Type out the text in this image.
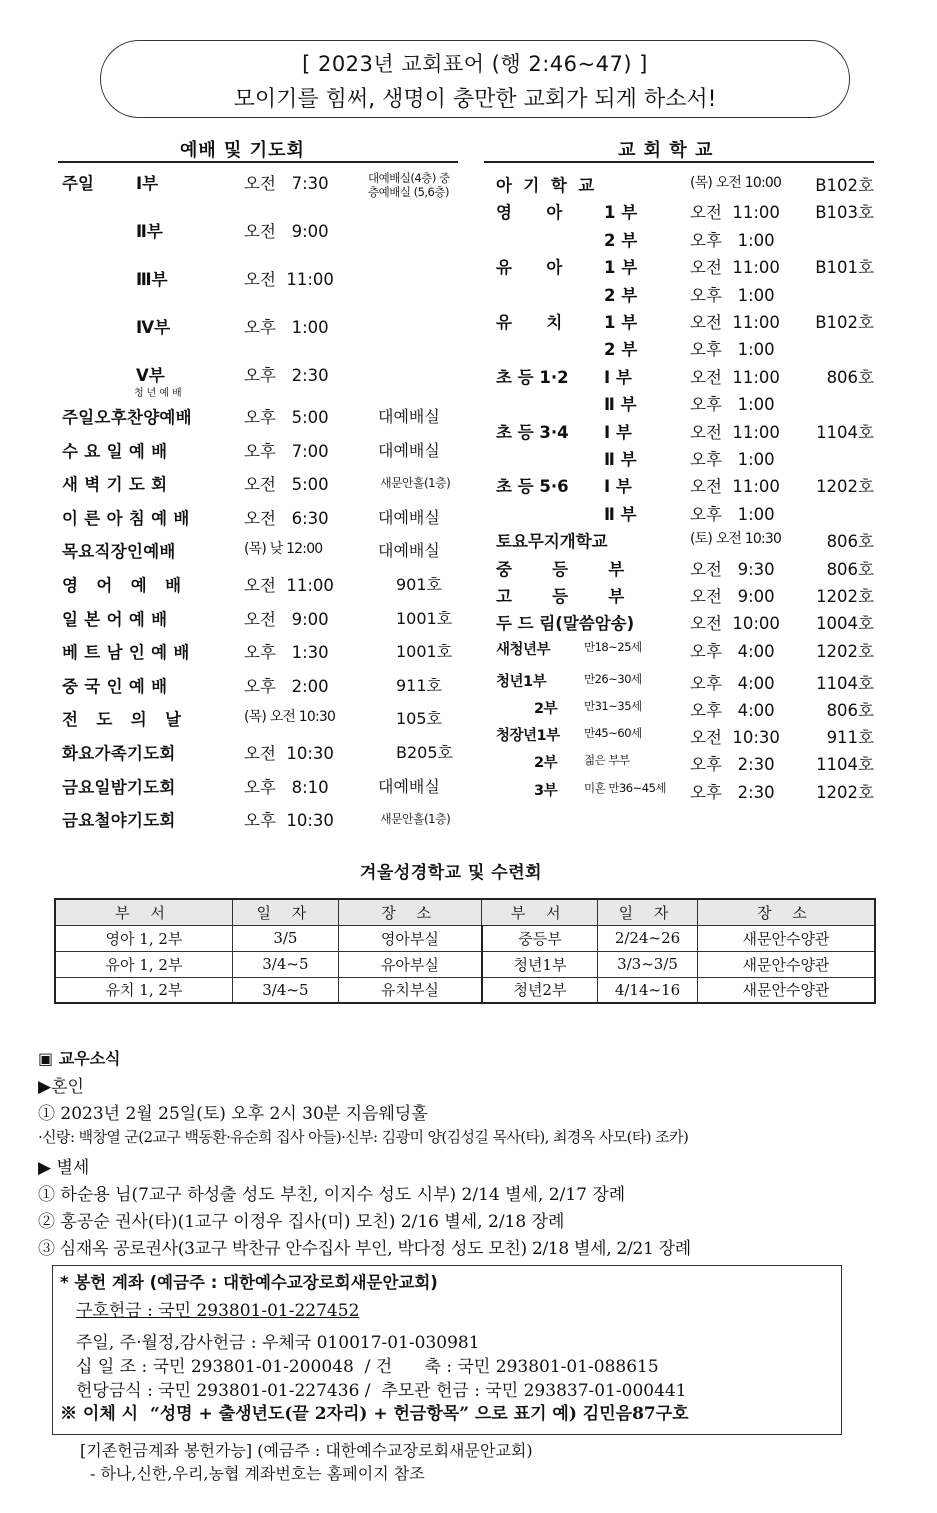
[ 2023년 교회표어 (행 2:46~47) ]
모이기를 힘써, 생명이 충만한 교회가 되게 하소서!
예배 및 기도회
주일	Ⅰ부	오전   7:30	대예배실(4층) 중층예배실 (5,6층)
Ⅱ부	오전   9:00
Ⅲ부	오전  11:00
Ⅳ부	오후   1:00
Ⅴ부	오후   2:30
청년예배
주일오후찬양예배	오후   5:00	대예배실
수 요 일 예 배	오후   7:00	대예배실
새 벽 기 도 회	오전   5:00	새문안홀(1층)
이 른 아 침 예 배	오전   6:30	대예배실
목요직장인예배	(목) 낮 12:00	대예배실
영   어   예   배	오전  11:00	901호
일 본 어 예 배	오전   9:00	1001호
베 트 남 인 예 배	오후   1:30	1001호
중 국 인 예 배	오후   2:00	911호
전   도   의   날	(목) 오전 10:30	105호
화요가족기도회	오전  10:30	B205호
금요일밤기도회	오후   8:10	대예배실
금요철야기도회	오후  10:30	새문안홀(1층)
교 회 학 교
아  기  학  교	(목) 오전 10:00 B102호
영      아	1 부	오전  11:00 B103호
2 부	오후   1:00
유      아	1 부	오전  11:00 B101호
2 부	오후   1:00
유      치	1 부	오전  11:00 B102호
2 부	오후   1:00
초 등 1·2 Ⅰ 부	오전  11:00	806호
Ⅱ 부	오후   1:00
초 등 3·4 Ⅰ 부	오전  11:00 1104호
Ⅱ 부	오후   1:00
초 등 5·6 Ⅰ 부	오전  11:00 1202호
Ⅱ 부	오후   1:00
토요무지개학교	(토) 오전 10:30	806호
중       등       부	오전   9:30	806호
고       등       부	오전   9:00	1202호
두 드 림(말씀암송)	오전  10:00 1004호
새청년부	만18~25세	오후   4:00	1202호
청년1부	만26~30세	오후   4:00	1104호
2부 만31~35세	오후   4:00	806호
청장년1부 만45~60세	오전  10:30	911호
2부 젊은 부부	오후   2:30	1104호
3부 미혼 만36~45세 오후   2:30	1202호
겨울성경학교 및 수련회
부 서	일 자	장 소	부 서	일 자	장 소
영아 1, 2부	3/5	영아부실	중등부	2/24~26	새문안수양관
유아 1, 2부	3/4~5	유아부실	청년1부	3/3~3/5	새문안수양관
유치 1, 2부	3/4~5	유치부실	청년2부	4/14~16	새문안수양관
▣ 교우소식
▶혼인
① 2023년 2월 25일(토) 오후 2시 30분 지음웨딩홀
·신랑: 백창열 군(2교구 백동환·유순희 집사 아들)·신부: 김광미 양(김성길 목사(타), 최경옥 사모(타) 조카)
▶ 별세
① 하순용 님(7교구 하성출 성도 부친, 이지수 성도 시부) 2/14 별세, 2/17 장례
② 홍공순 권사(타)(1교구 이정우 집사(미) 모친) 2/16 별세, 2/18 장례
③ 심재옥 공로권사(3교구 박찬규 안수집사 부인, 박다정 성도 모친) 2/18 별세, 2/21 장례
* 봉헌 계좌 (예금주 : 대한예수교장로회새문안교회)
구호헌금 : 국민 293801-01-227452
주일, 주·월정,감사헌금 : 우체국 010017-01-030981
십 일 조 : 국민 293801-01-200048  / 건      축 : 국민 293801-01-088615
헌당금식 : 국민 293801-01-227436 /  추모관 헌금 : 국민 293837-01-000441
※ 이체 시  “성명 + 출생년도(끝 2자리) + 헌금항목” 으로 표기 예) 김민음87구호
[기존헌금계좌 봉헌가능] (예금주 : 대한예수교장로회새문안교회)
- 하나,신한,우리,농협 계좌번호는 홈페이지 참조
